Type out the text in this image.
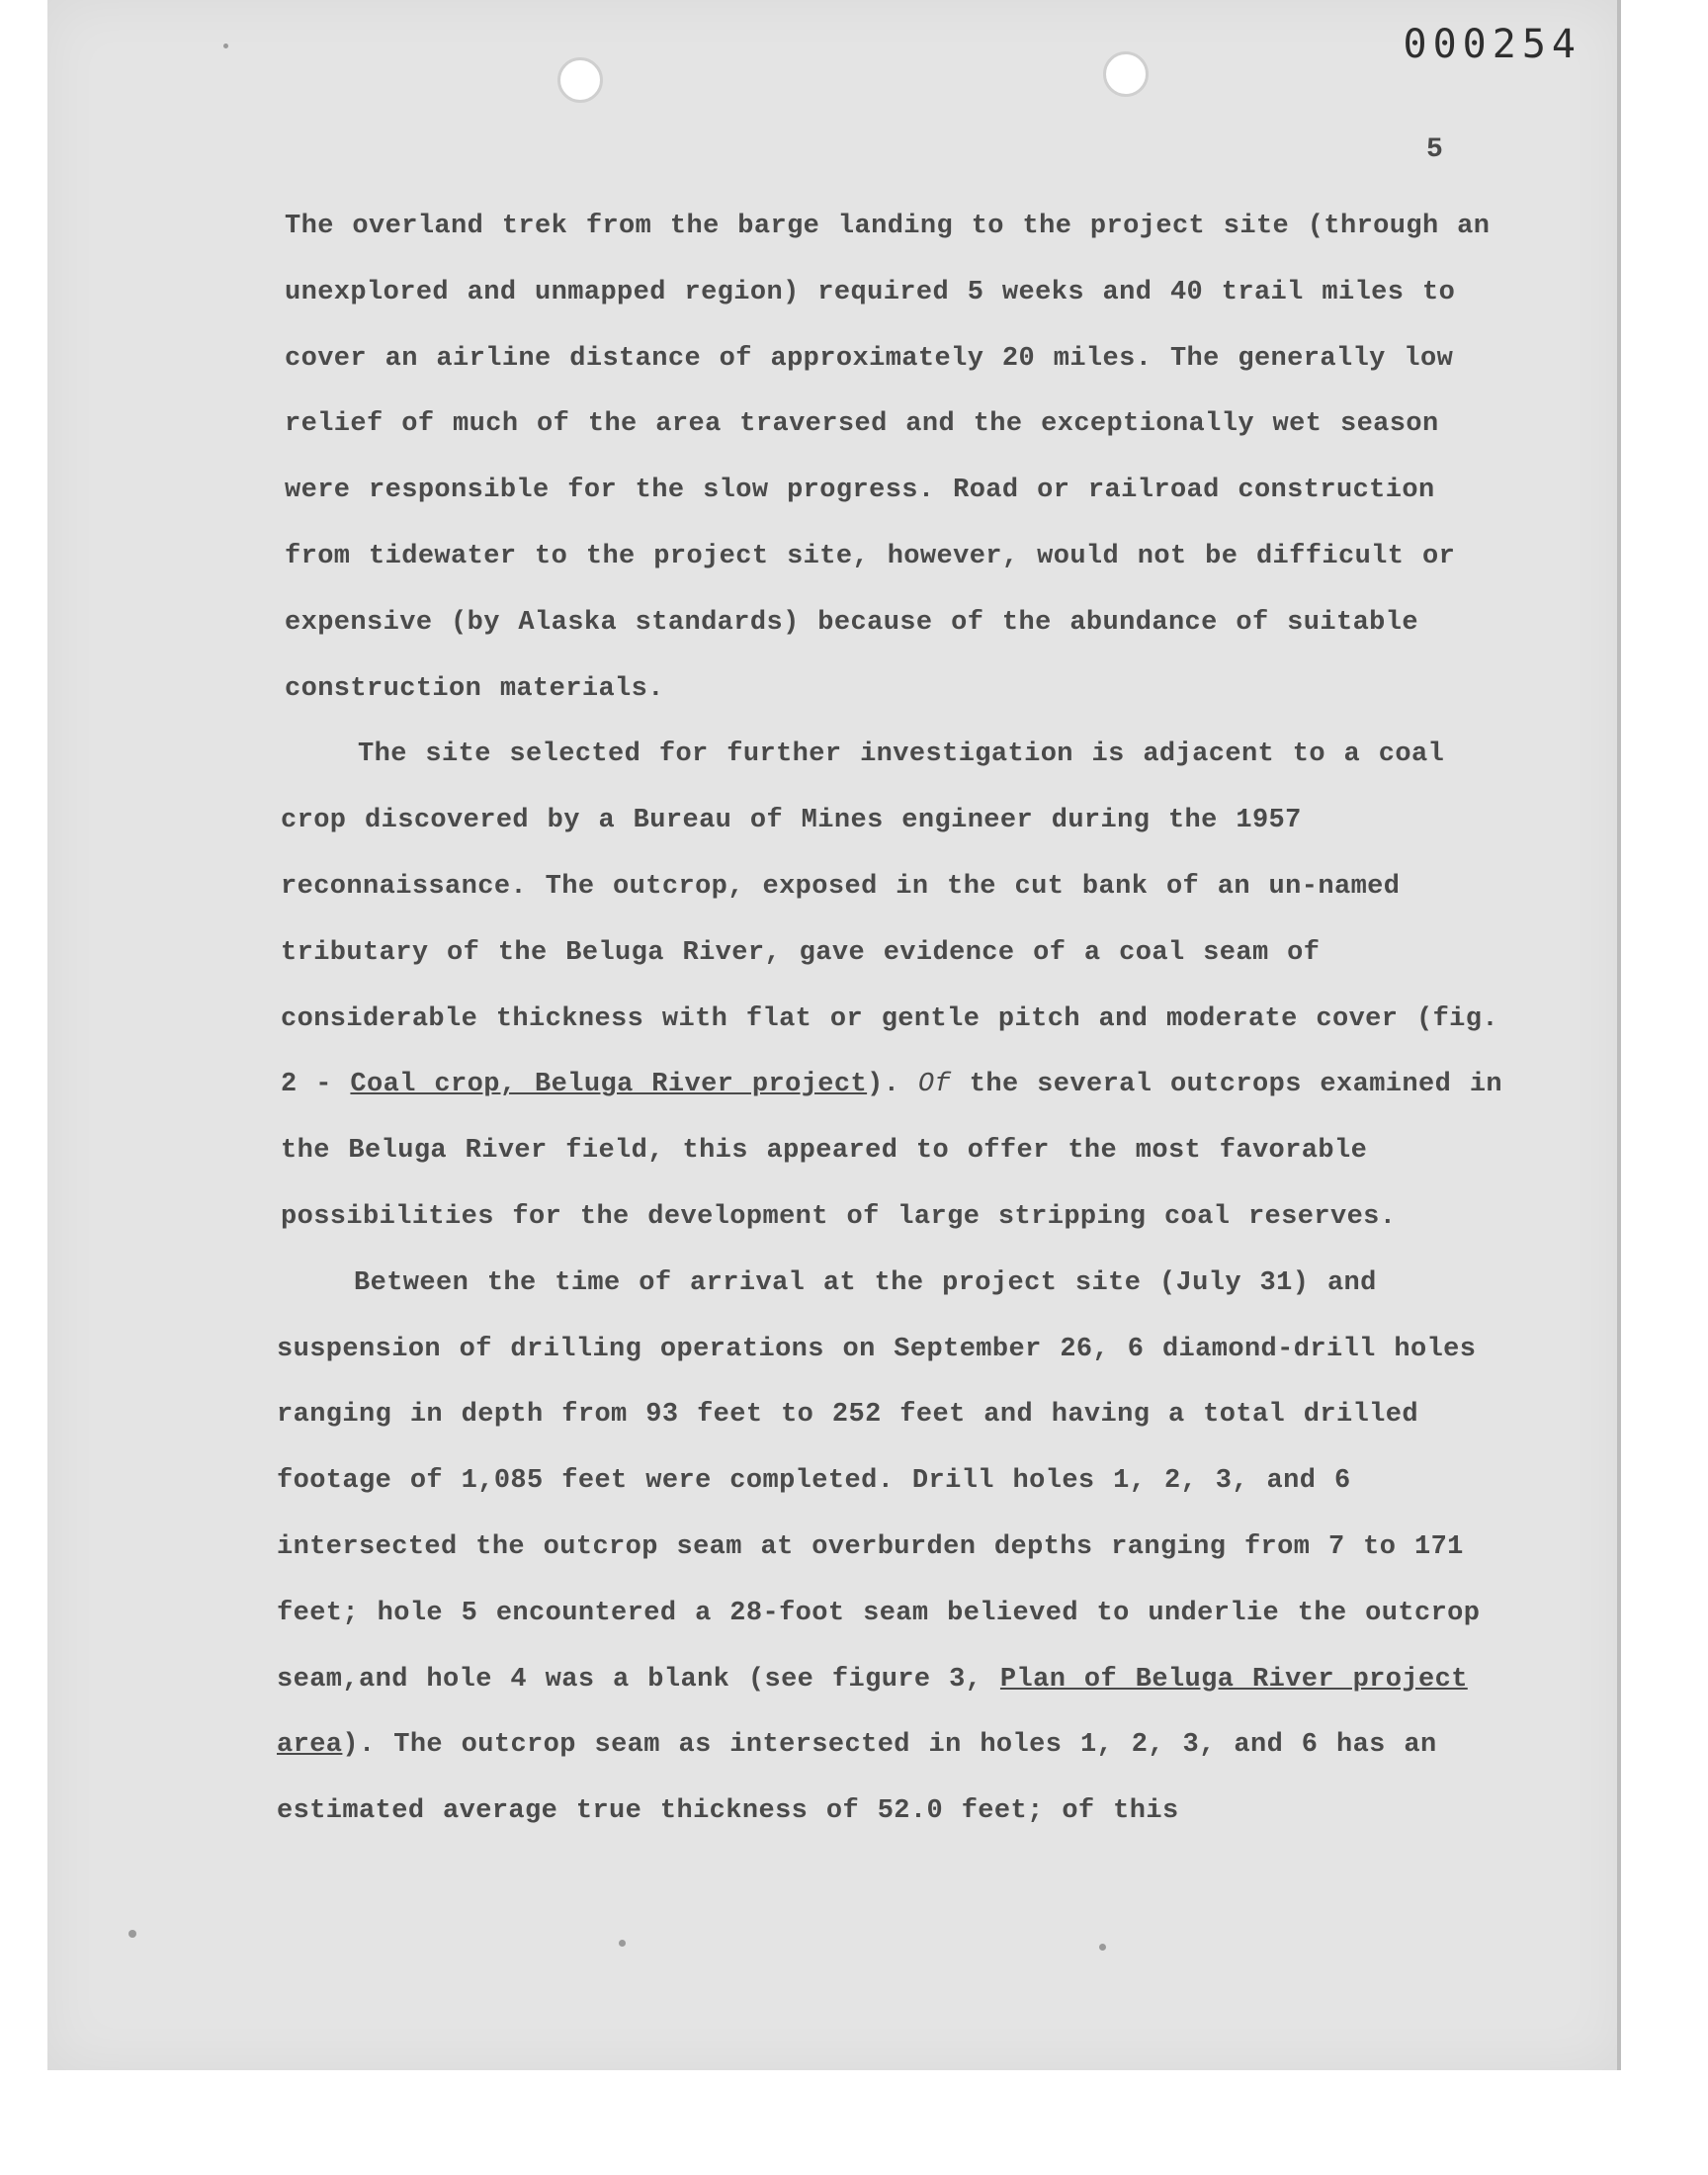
000254
5

The overland trek from the barge landing to the project site (through an unexplored and unmapped region) required 5 weeks and 40 trail miles to cover an airline distance of approximately 20 miles. The generally low relief of much of the area traversed and the exceptionally wet season were responsible for the slow progress. Road or railroad construction from tidewater to the project site, however, would not be difficult or expensive (by Alaska standards) because of the abundance of suitable construction materials.

The site selected for further investigation is adjacent to a coal crop discovered by a Bureau of Mines engineer during the 1957 reconnaissance. The outcrop, exposed in the cut bank of an un-named tributary of the Beluga River, gave evidence of a coal seam of considerable thickness with flat or gentle pitch and moderate cover (fig. 2 - Coal crop, Beluga River project). Of the several outcrops examined in the Beluga River field, this appeared to offer the most favorable possibilities for the development of large stripping coal reserves.

Between the time of arrival at the project site (July 31) and suspension of drilling operations on September 26, 6 diamond-drill holes ranging in depth from 93 feet to 252 feet and having a total drilled footage of 1,085 feet were completed. Drill holes 1, 2, 3, and 6 intersected the outcrop seam at overburden depths ranging from 7 to 171 feet; hole 5 encountered a 28-foot seam believed to underlie the outcrop seam,and hole 4 was a blank (see figure 3, Plan of Beluga River project area). The outcrop seam as intersected in holes 1, 2, 3, and 6 has an estimated average true thickness of 52.0 feet; of this
